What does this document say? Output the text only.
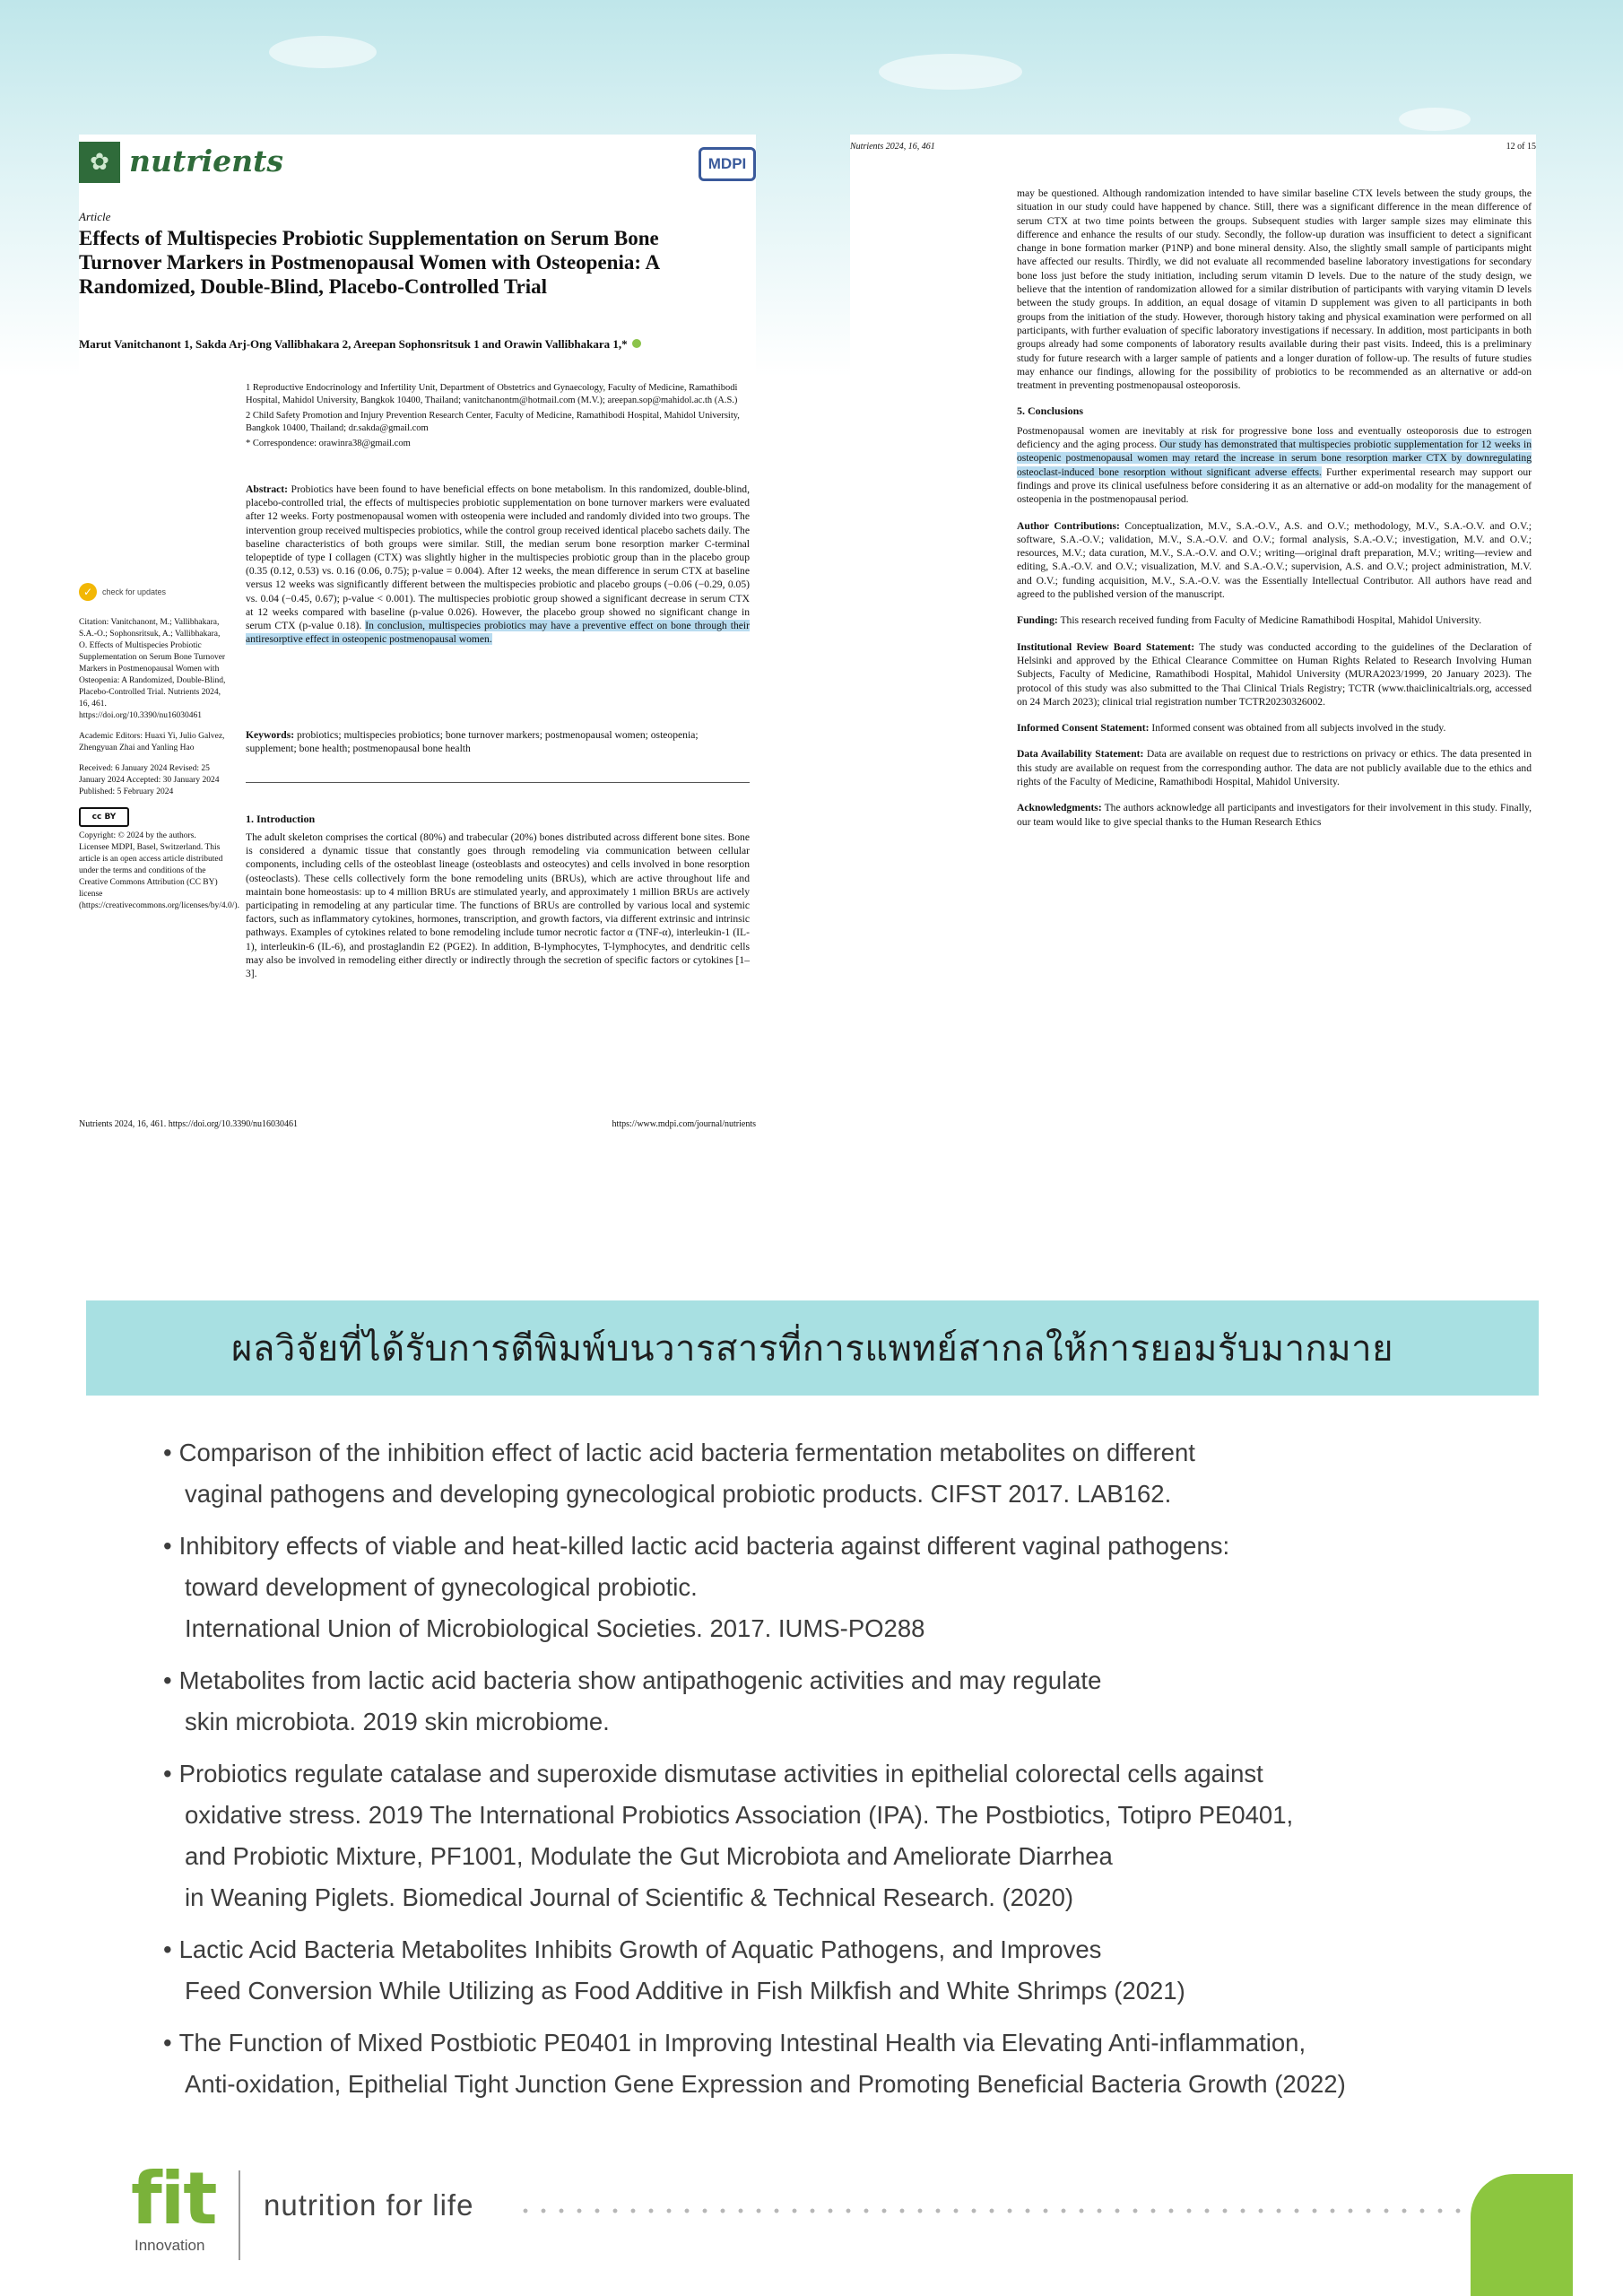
✿ nutrients	MDPI
Article
Effects of Multispecies Probiotic Supplementation on Serum Bone Turnover Markers in Postmenopausal Women with Osteopenia: A Randomized, Double-Blind, Placebo-Controlled Trial
Marut Vanitchanont 1, Sakda Arj-Ong Vallibhakara 2, Areepan Sophonsritsuk 1 and Orawin Vallibhakara 1,*

1 Reproductive Endocrinology and Infertility Unit, Department of Obstetrics and Gynaecology, Faculty of Medicine, Ramathibodi Hospital, Mahidol University, Bangkok 10400, Thailand; vanitchanontm@hotmail.com (M.V.); areepan.sop@mahidol.ac.th (A.S.)

2 Child Safety Promotion and Injury Prevention Research Center, Faculty of Medicine, Ramathibodi Hospital, Mahidol University, Bangkok 10400, Thailand; dr.sakda@gmail.com

* Correspondence: orawinra38@gmail.com

✓	check for updates

Citation: Vanitchanont, M.; Vallibhakara, S.A.-O.; Sophonsritsuk, A.; Vallibhakara, O. Effects of Multispecies Probiotic Supplementation on Serum Bone Turnover Markers in Postmenopausal Women with Osteopenia: A Randomized, Double-Blind, Placebo-Controlled Trial. Nutrients 2024, 16, 461. https://doi.org/10.3390/nu16030461

Academic Editors: Huaxi Yi, Julio Galvez, Zhengyuan Zhai and Yanling Hao

Received: 6 January 2024 Revised: 25 January 2024 Accepted: 30 January 2024 Published: 5 February 2024

cc BY

Copyright: © 2024 by the authors. Licensee MDPI, Basel, Switzerland. This article is an open access article distributed under the terms and conditions of the Creative Commons Attribution (CC BY) license (https://creativecommons.org/licenses/by/4.0/).

Abstract: Probiotics have been found to have beneficial effects on bone metabolism. In this randomized, double-blind, placebo-controlled trial, the effects of multispecies probiotic supplementation on bone turnover markers were evaluated after 12 weeks. Forty postmenopausal women with osteopenia were included and randomly divided into two groups. The intervention group received multispecies probiotics, while the control group received identical placebo sachets daily. The baseline characteristics of both groups were similar. Still, the median serum bone resorption marker C-terminal telopeptide of type I collagen (CTX) was slightly higher in the multispecies probiotic group than in the placebo group (0.35 (0.12, 0.53) vs. 0.16 (0.06, 0.75); p-value = 0.004). After 12 weeks, the mean difference in serum CTX at baseline versus 12 weeks was significantly different between the multispecies probiotic and placebo groups (−0.06 (−0.29, 0.05) vs. 0.04 (−0.45, 0.67); p-value < 0.001). The multispecies probiotic group showed a significant decrease in serum CTX at 12 weeks compared with baseline (p-value 0.026). However, the placebo group showed no significant change in serum CTX (p-value 0.18). In conclusion, multispecies probiotics may have a preventive effect on bone through their antiresorptive effect in osteopenic postmenopausal women.
Keywords: probiotics; multispecies probiotics; bone turnover markers; postmenopausal women; osteopenia; supplement; bone health; postmenopausal bone health
1. Introduction
The adult skeleton comprises the cortical (80%) and trabecular (20%) bones distributed across different bone sites. Bone is considered a dynamic tissue that constantly goes through remodeling via communication between cellular components, including cells of the osteoblast lineage (osteoblasts and osteocytes) and cells involved in bone resorption (osteoclasts). These cells collectively form the bone remodeling units (BRUs), which are active throughout life and maintain bone homeostasis: up to 4 million BRUs are stimulated yearly, and approximately 1 million BRUs are actively participating in remodeling at any particular time. The functions of BRUs are controlled by various local and systemic factors, such as inflammatory cytokines, hormones, transcription, and growth factors, via different extrinsic and intrinsic pathways. Examples of cytokines related to bone remodeling include tumor necrotic factor α (TNF-α), interleukin-1 (IL-1), interleukin-6 (IL-6), and prostaglandin E2 (PGE2). In addition, B-lymphocytes, T-lymphocytes, and dendritic cells may also be involved in remodeling either directly or indirectly through the secretion of specific factors or cytokines [1–3].
Nutrients 2024, 16, 461. https://doi.org/10.3390/nu16030461	https://www.mdpi.com/journal/nutrients
Nutrients 2024, 16, 461	12 of 15

may be questioned. Although randomization intended to have similar baseline CTX levels between the study groups, the situation in our study could have happened by chance. Still, there was a significant difference in the mean difference of serum CTX at two time points between the groups. Subsequent studies with larger sample sizes may eliminate this difference and enhance the results of our study. Secondly, the follow-up duration was insufficient to detect a significant change in bone formation marker (P1NP) and bone mineral density. Also, the slightly small sample of participants might have affected our results. Thirdly, we did not evaluate all recommended baseline laboratory investigations for secondary bone loss just before the study initiation, including serum vitamin D levels. Due to the nature of the study design, we believe that the intention of randomization allowed for a similar distribution of participants with varying vitamin D levels between the study groups. In addition, an equal dosage of vitamin D supplement was given to all participants in both groups from the initiation of the study. However, thorough history taking and physical examination were performed on all participants, with further evaluation of specific laboratory investigations if necessary. In addition, most participants in both groups already had some components of laboratory results available during their past visits. Indeed, this is a preliminary study for future research with a larger sample of patients and a longer duration of follow-up. The results of future studies may enhance our findings, allowing for the possibility of probiotics to be recommended as an alternative or add-on treatment in preventing postmenopausal osteoporosis.

5. Conclusions

Postmenopausal women are inevitably at risk for progressive bone loss and eventually osteoporosis due to estrogen deficiency and the aging process. Our study has demonstrated that multispecies probiotic supplementation for 12 weeks in osteopenic postmenopausal women may retard the increase in serum bone resorption marker CTX by downregulating osteoclast-induced bone resorption without significant adverse effects. Further experimental research may support our findings and prove its clinical usefulness before considering it as an alternative or add-on modality for the management of osteopenia in the postmenopausal period.

Author Contributions: Conceptualization, M.V., S.A.-O.V., A.S. and O.V.; methodology, M.V., S.A.-O.V. and O.V.; software, S.A.-O.V.; validation, M.V., S.A.-O.V. and O.V.; formal analysis, S.A.-O.V.; investigation, M.V. and O.V.; resources, M.V.; data curation, M.V., S.A.-O.V. and O.V.; writing—original draft preparation, M.V.; writing—review and editing, S.A.-O.V. and O.V.; visualization, M.V. and S.A.-O.V.; supervision, A.S. and O.V.; project administration, M.V. and O.V.; funding acquisition, M.V., S.A.-O.V. was the Essentially Intellectual Contributor. All authors have read and agreed to the published version of the manuscript.

Funding: This research received funding from Faculty of Medicine Ramathibodi Hospital, Mahidol University.

Institutional Review Board Statement: The study was conducted according to the guidelines of the Declaration of Helsinki and approved by the Ethical Clearance Committee on Human Rights Related to Research Involving Human Subjects, Faculty of Medicine, Ramathibodi Hospital, Mahidol University (MURA2023/1999, 20 January 2023). The protocol of this study was also submitted to the Thai Clinical Trials Registry; TCTR (www.thaiclinicaltrials.org, accessed on 24 March 2023); clinical trial registration number TCTR20230326002.

Informed Consent Statement: Informed consent was obtained from all subjects involved in the study.

Data Availability Statement: Data are available on request due to restrictions on privacy or ethics. The data presented in this study are available on request from the corresponding author. The data are not publicly available due to the ethics and rights of the Faculty of Medicine, Ramathibodi Hospital, Mahidol University.

Acknowledgments: The authors acknowledge all participants and investigators for their involvement in this study. Finally, our team would like to give special thanks to the Human Research Ethics

ผลวิจัยที่ได้รับการตีพิมพ์บนวารสารที่การแพทย์สากลให้การยอมรับมากมาย
• Comparison of the inhibition effect of lactic acid bacteria fermentation metabolites on different
vaginal pathogens and developing gynecological probiotic products. CIFST 2017. LAB162.
• Inhibitory effects of viable and heat-killed lactic acid bacteria against different vaginal pathogens:
toward development of gynecological probiotic.
International Union of Microbiological Societies. 2017. IUMS-PO288
• Metabolites from lactic acid bacteria show antipathogenic activities and may regulate
skin microbiota. 2019 skin microbiome.
• Probiotics regulate catalase and superoxide dismutase activities in epithelial colorectal cells against
oxidative stress. 2019 The International Probiotics Association (IPA). The Postbiotics, Totipro PE0401,
and Probiotic Mixture, PF1001, Modulate the Gut Microbiota and Ameliorate Diarrhea
in Weaning Piglets. Biomedical Journal of Scientific & Technical Research. (2020)
• Lactic Acid Bacteria Metabolites Inhibits Growth of Aquatic Pathogens, and Improves
Feed Conversion While Utilizing as Food Additive in Fish Milkfish and White Shrimps (2021)
• The Function of Mixed Postbiotic PE0401 in Improving Intestinal Health via Elevating Anti-inflammation,
Anti-oxidation, Epithelial Tight Junction Gene Expression and Promoting Beneficial Bacteria Growth (2022)
fit
Innovation
nutrition for life
